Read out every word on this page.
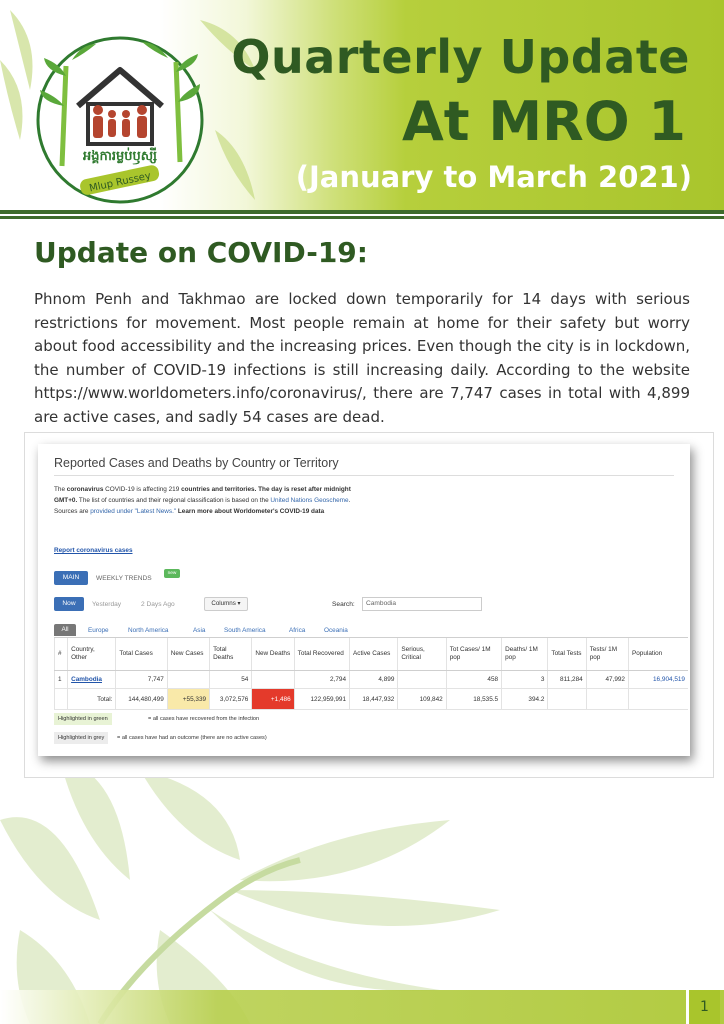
Quarterly Update
At MRO 1
(January to March 2021)
អង្គការម្លប់ឫស្សី
Mlup Russey
Update on COVID-19:
Phnom Penh and Takhmao are locked down temporarily for 14 days with serious restrictions for movement. Most people remain at home for their safety but worry about food accessibility and the increasing prices. Even though the city is in lockdown, the number of COVID-19 infections is still increasing daily. According to the website https://www.worldometers.info/coronavirus/, there are 7,747 cases in total with 4,899 are active cases, and sadly 54 cases are dead.
Reported Cases and Deaths by Country or Territory
The coronavirus COVID-19 is affecting 219 countries and territories. The day is reset after midnight
GMT+0. The list of countries and their regional classification is based on the United Nations Geoscheme.
Sources are provided under "Latest News." Learn more about Worldometer's COVID-19 data
Report coronavirus cases
MAIN	WEEKLY TRENDS
new
Now	Yesterday	2 Days Ago	Columns ▾	Search:	Cambodia
All	Europe	North America	Asia	South America	Africa	Oceania
#	Country, Other	Total Cases	New Cases	Total Deaths	New Deaths	Total Recovered	Active Cases	Serious, Critical	Tot Cases/ 1M pop	Deaths/ 1M pop	Total Tests	Tests/ 1M pop	Population
1	Cambodia	7,747		54		2,794	4,899		458	3	811,284	47,992	16,904,519
	Total:	144,480,499	+55,339	3,072,576	+1,486	122,959,991	18,447,932	109,842	18,535.5	394.2			
Highlighted in green	= all cases have recovered from the infection
Highlighted in grey	= all cases have had an outcome (there are no active cases)
1
